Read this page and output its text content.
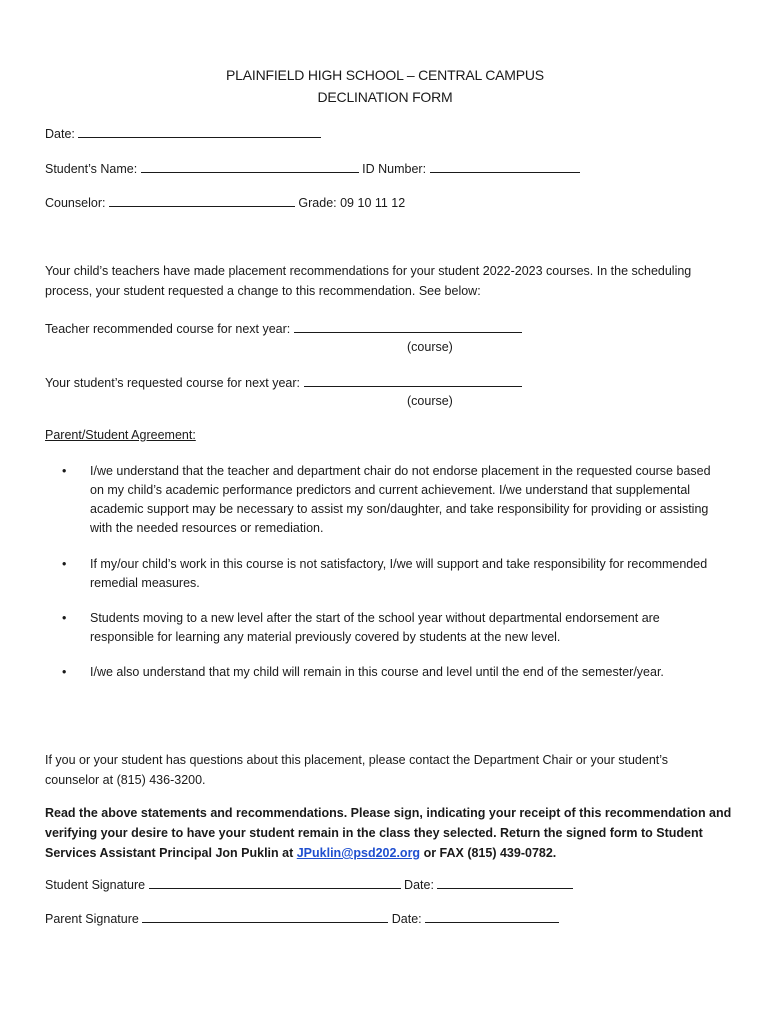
PLAINFIELD HIGH SCHOOL – CENTRAL CAMPUS
DECLINATION FORM
Date:
Student’s Name:	ID Number:
Counselor:	Grade: 09 10 11 12
Your child’s teachers have made placement recommendations for your student 2022-2023 courses. In the scheduling process, your student requested a change to this recommendation. See below:
Teacher recommended course for next year:
(course)
Your student’s requested course for next year:
(course)
Parent/Student Agreement:
• I/we understand that the teacher and department chair do not endorse placement in the requested course based on my child’s academic performance predictors and current achievement. I/we understand that supplemental academic support may be necessary to assist my son/daughter, and take responsibility for providing or assisting with the needed resources or remediation.
• If my/our child’s work in this course is not satisfactory, I/we will support and take responsibility for recommended remedial measures.
• Students moving to a new level after the start of the school year without departmental endorsement are responsible for learning any material previously covered by students at the new level.
• I/we also understand that my child will remain in this course and level until the end of the semester/year.
If you or your student has questions about this placement, please contact the Department Chair or your student’s counselor at (815) 436-3200.
Read the above statements and recommendations. Please sign, indicating your receipt of this recommendation and verifying your desire to have your student remain in the class they selected. Return the signed form to Student Services Assistant Principal Jon Puklin at JPuklin@psd202.org or FAX (815) 439-0782.
Student Signature	Date:
Parent Signature	Date:
